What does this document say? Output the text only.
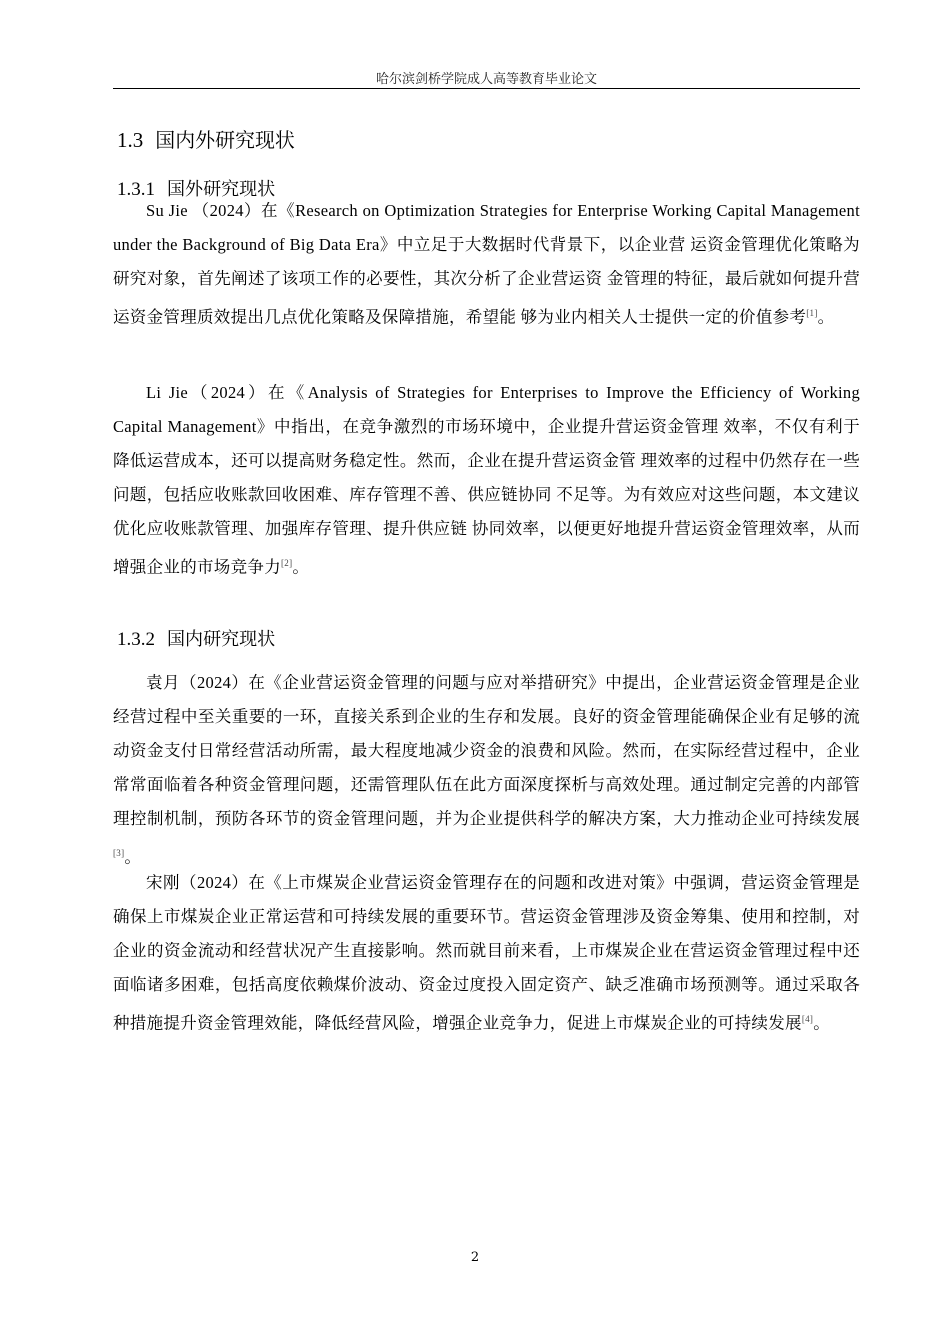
哈尔滨剑桥学院成人高等教育毕业论文
1.3 国内外研究现状
1.3.1 国外研究现状

Su Jie （2024）在《Research on Optimization Strategies for Enterprise Working Capital Management under the Background of Big Data Era》中立足于大数据时代背景下，以企业营 运资金管理优化策略为研究对象，首先阐述了该项工作的必要性，其次分析了企业营运资 金管理的特征，最后就如何提升营运资金管理质效提出几点优化策略及保障措施，希望能 够为业内相关人士提供一定的价值参考[1]。

Li Jie（2024）在《Analysis of Strategies for Enterprises to Improve the Efficiency of Working Capital Management》中指出，在竞争激烈的市场环境中，企业提升营运资金管理 效率，不仅有利于降低运营成本，还可以提高财务稳定性。然而，企业在提升营运资金管 理效率的过程中仍然存在一些问题，包括应收账款回收困难、库存管理不善、供应链协同 不足等。为有效应对这些问题，本文建议优化应收账款管理、加强库存管理、提升供应链 协同效率，以便更好地提升营运资金管理效率，从而增强企业的市场竞争力[2]。

1.3.2 国内研究现状

袁月（2024）在《企业营运资金管理的问题与应对举措研究》中提出，企业营运资金管理是企业经营过程中至关重要的一环，直接关系到企业的生存和发展。良好的资金管理能确保企业有足够的流动资金支付日常经营活动所需，最大程度地减少资金的浪费和风险。然而，在实际经营过程中，企业常常面临着各种资金管理问题，还需管理队伍在此方面深度探析与高效处理。通过制定完善的内部管理控制机制，预防各环节的资金管理问题，并为企业提供科学的解决方案，大力推动企业可持续发展[3]。

宋刚（2024）在《上市煤炭企业营运资金管理存在的问题和改进对策》中强调，营运资金管理是确保上市煤炭企业正常运营和可持续发展的重要环节。营运资金管理涉及资金筹集、使用和控制，对企业的资金流动和经营状况产生直接影响。然而就目前来看，上市煤炭企业在营运资金管理过程中还面临诸多困难，包括高度依赖煤价波动、资金过度投入固定资产、缺乏准确市场预测等。通过采取各种措施提升资金管理效能，降低经营风险，增强企业竞争力，促进上市煤炭企业的可持续发展[4]。

2
